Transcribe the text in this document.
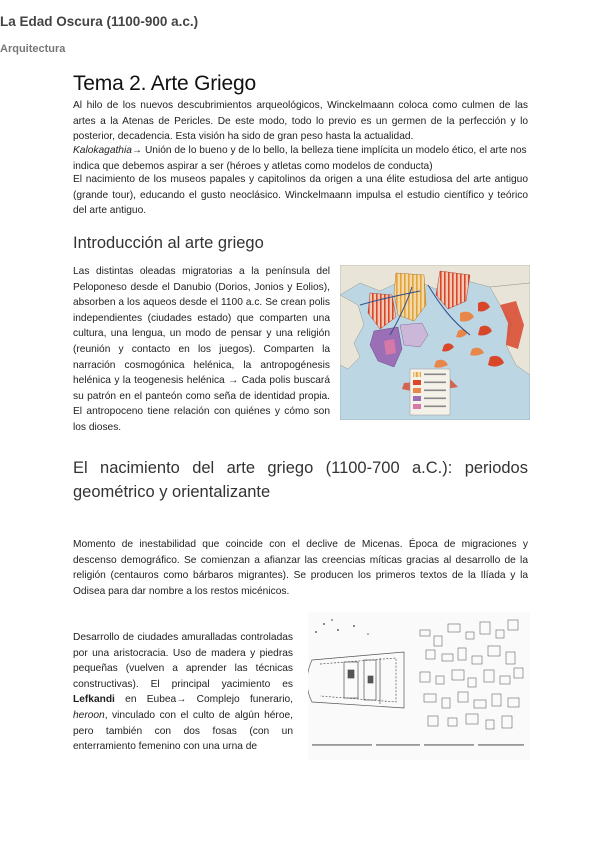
Tema 2. Arte Griego

Al hilo de los nuevos descubrimientos arqueológicos, Winckelmaann coloca como culmen de las artes a la Atenas de Pericles. De este modo, todo lo previo es un germen de la perfección y lo posterior, decadencia. Esta visión ha sido de gran peso hasta la actualidad.

Kalokagathia→ Unión de lo bueno y de lo bello, la belleza tiene implícita un modelo ético, el arte nos indica que debemos aspirar a ser (héroes y atletas como modelos de conducta)

El nacimiento de los museos papales y capitolinos da origen a una élite estudiosa del arte antiguo (grande tour), educando el gusto neoclásico. Winckelmaann impulsa el estudio científico y teórico del arte antiguo.

Introducción al arte griego

Las distintas oleadas migratorias a la península del Peloponeso desde el Danubio (Dorios, Jonios y Eolios), absorben a los aqueos desde el 1100 a.c. Se crean polis independientes (ciudades estado) que comparten una cultura, una lengua, un modo de pensar y una religión (reunión y contacto en los juegos). Comparten la narración cosmogónica helénica, la antropogénesis helénica y la teogenesis helénica → Cada polis buscará su patrón en el panteón como seña de identidad propia. El antropoceno tiene relación con quiénes y cómo son los dioses.

El nacimiento del arte griego (1100-700 a.C.): periodos geométrico y orientalizante
La Edad Oscura (1100-900 a.c.)

Momento de inestabilidad que coincide con el declive de Micenas. Época de migraciones y descenso demográfico. Se comienzan a afianzar las creencias míticas gracias al desarrollo de la religión (centauros como bárbaros migrantes). Se producen los primeros textos de la Ilíada y la Odisea para dar nombre a los restos micénicos.

Arquitectura

Desarrollo de ciudades amuralladas controladas por una aristocracia. Uso de madera y piedras pequeñas (vuelven a aprender las técnicas constructivas). El principal yacimiento es Lefkandi en Eubea→ Complejo funerario, heroon, vinculado con el culto de algún héroe, pero también con dos fosas (con un enterramiento femenino con una urna de
